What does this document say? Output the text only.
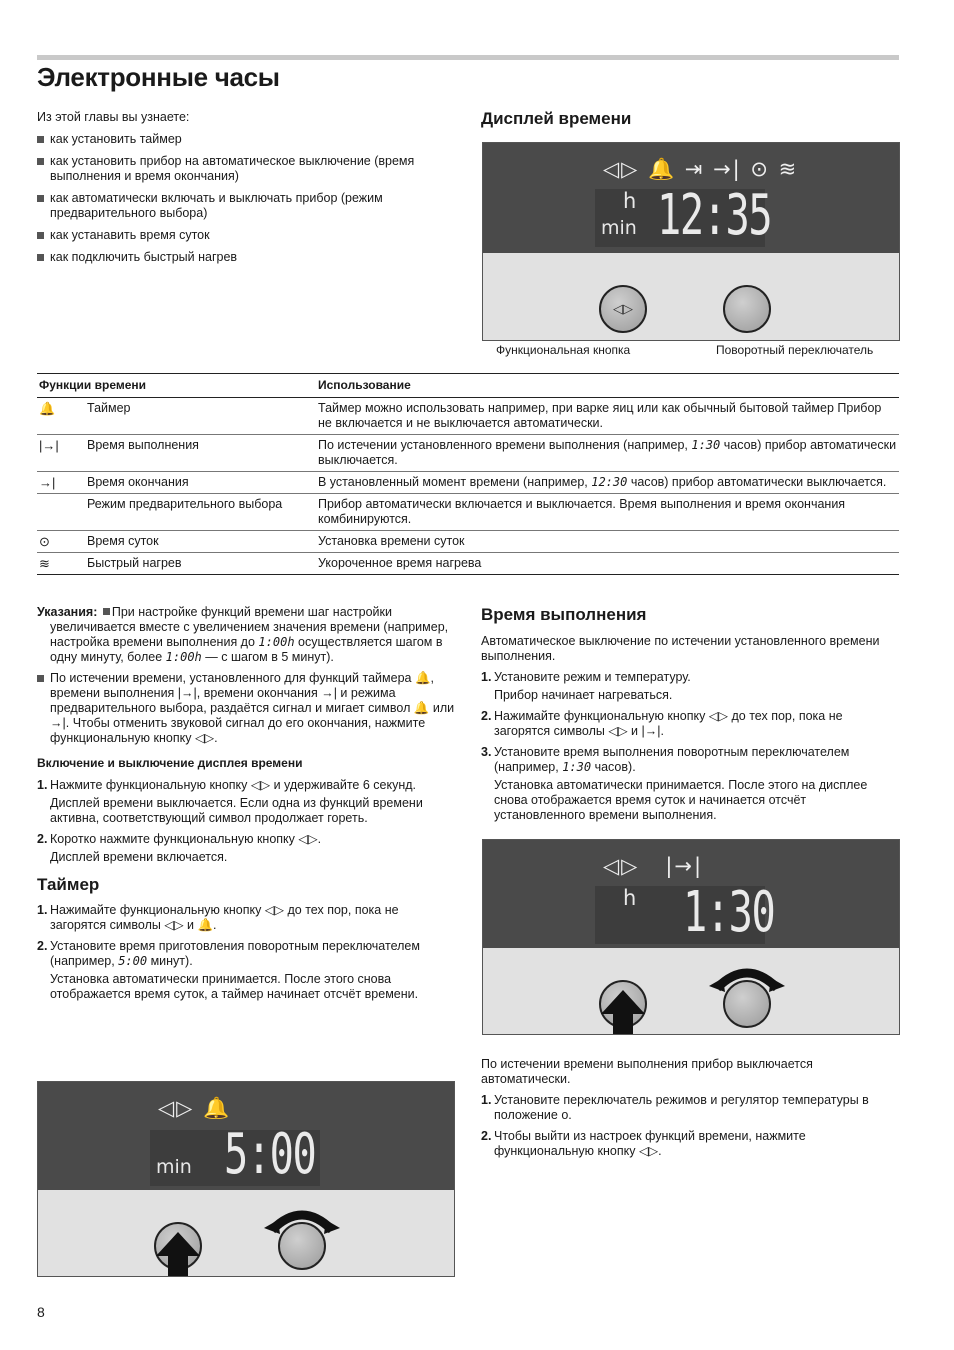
Электронные часы
Из этой главы вы узнаете:
как установить таймер
как установить прибор на автоматическое выключение (время выполнения и время окончания)
как автоматически включать и выключать прибор (режим предварительного выбора)
как устанавить время суток
как подключить быстрый нагрев
Дисплей времени
◁▷ 🔔 ⇥ →| ⊙ ≋
h
min 12:35
◁▷
Функциональная кнопка	Поворотный переключатель
Функции времени		Использование
🔔	Таймер	Таймер можно использовать например, при варке яиц или как обычный бытовой таймер Прибор не включается и не выключается автоматически.
|→|	Время выполнения	По истечении установленного времени выполнения (например, 1:30 часов) прибор автоматически выключается.
→|	Время окончания	В установленный момент времени (например, 12:30 часов) прибор автоматически выключается.
	Режим предварительного выбора	Прибор автоматически включается и выключается. Время выполнения и время окончания комбинируются.
⊙	Время суток	Установка времени суток
≋	Быстрый нагрев	Укороченное время нагрева
Указания: При настройке функций времени шаг настройки увеличивается вместе с увеличением значения времени (например, настройка времени выполнения до 1:00h осуществляется шагом в одну минуту, более 1:00h — с шагом в 5 минут).
По истечении времени, установленного для функций таймера 🔔, времени выполнения |→|, времени окончания →| и режима предварительного выбора, раздаётся сигнал и мигает символ 🔔 или →|. Чтобы отменить звуковой сигнал до его окончания, нажмите функциональную кнопку ◁▷.
Включение и выключение дисплея времени
1. Нажмите функциональную кнопку ◁▷ и удерживайте 6 секунд.
Дисплей времени выключается. Если одна из функций времени активна, соответствующий символ продолжает гореть.
2. Коротко нажмите функциональную кнопку ◁▷.
Дисплей времени включается.
Таймер
1. Нажимайте функциональную кнопку ◁▷ до тех пор, пока не загорятся символы ◁▷ и 🔔.
2. Установите время приготовления поворотным переключателем (например, 5:00 минут).
Установка автоматически принимается. После этого снова отображается время суток, а таймер начинает отсчёт времени.
◁▷ 🔔
min 5:00
Время выполнения
Автоматическое выключение по истечении установленного времени выполнения.
1. Установите режим и температуру.
Прибор начинает нагреваться.
2. Нажимайте функциональную кнопку ◁▷ до тех пор, пока не загорятся символы ◁▷ и |→|.
3. Установите время выполнения поворотным переключателем (например, 1:30 часов).
Установка автоматически принимается. После этого на дисплее снова отображается время суток и начинается отсчёт установленного времени выполнения.
◁▷   |→|
h 1:30
По истечении времени выполнения прибор выключается автоматически.
1. Установите переключатель режимов и регулятор температуры в положение о.
2. Чтобы выйти из настроек функций времени, нажмите функциональную кнопку ◁▷.
8
